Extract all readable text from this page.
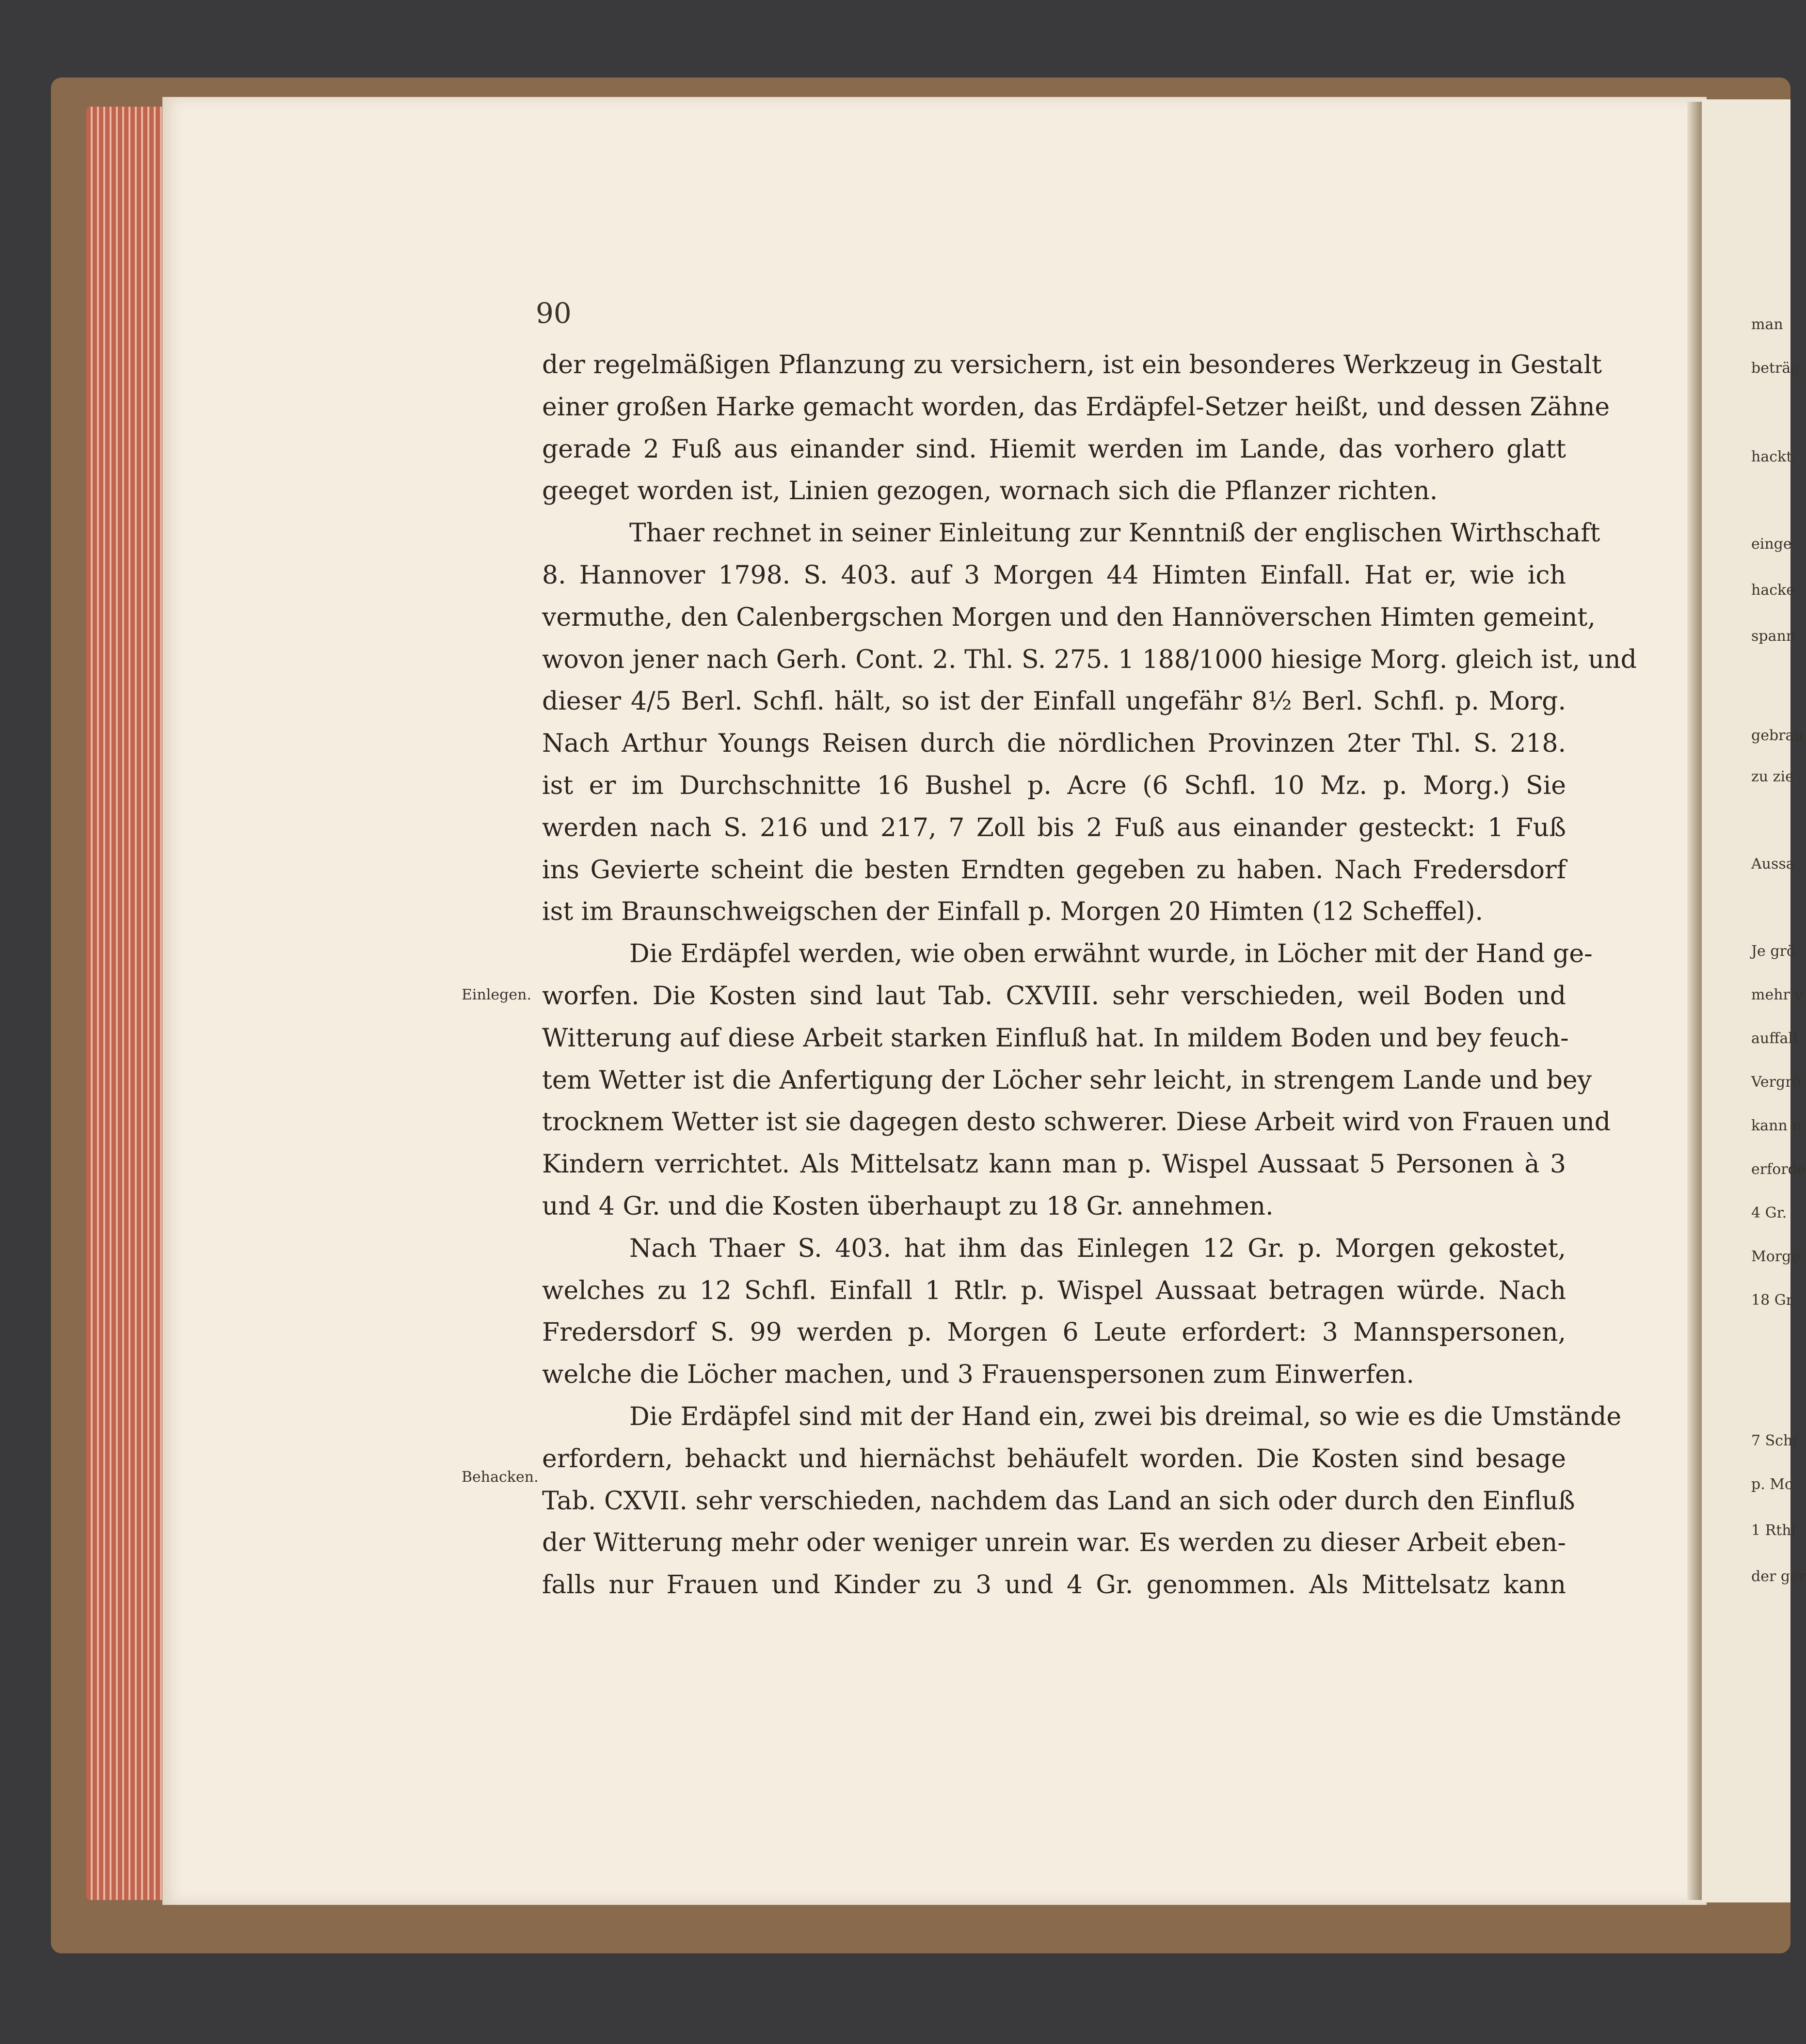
90
Einlegen.
Behacken.
der regelmäßigen Pflanzung zu versichern, ist ein besonderes Werkzeug in Gestalt
einer großen Harke gemacht worden, das Erdäpfel-Setzer heißt, und dessen Zähne
gerade 2 Fuß aus einander sind. Hiemit werden im Lande, das vorhero glatt
geeget worden ist, Linien gezogen, wornach sich die Pflanzer richten.
Thaer rechnet in seiner Einleitung zur Kenntniß der englischen Wirthschaft
8. Hannover 1798. S. 403. auf 3 Morgen 44 Himten Einfall. Hat er, wie ich
vermuthe, den Calenbergschen Morgen und den Hannöverschen Himten gemeint,
wovon jener nach Gerh. Cont. 2. Thl. S. 275. 1 188/1000 hiesige Morg. gleich ist, und
dieser 4/5 Berl. Schfl. hält, so ist der Einfall ungefähr 8½ Berl. Schfl. p. Morg.
Nach Arthur Youngs Reisen durch die nördlichen Provinzen 2ter Thl. S. 218.
ist er im Durchschnitte 16 Bushel p. Acre (6 Schfl. 10 Mz. p. Morg.) Sie
werden nach S. 216 und 217, 7 Zoll bis 2 Fuß aus einander gesteckt: 1 Fuß
ins Gevierte scheint die besten Erndten gegeben zu haben. Nach Fredersdorf
ist im Braunschweigschen der Einfall p. Morgen 20 Himten (12 Scheffel).
Die Erdäpfel werden, wie oben erwähnt wurde, in Löcher mit der Hand ge-
worfen. Die Kosten sind laut Tab. CXVIII. sehr verschieden, weil Boden und
Witterung auf diese Arbeit starken Einfluß hat. In mildem Boden und bey feuch-
tem Wetter ist die Anfertigung der Löcher sehr leicht, in strengem Lande und bey
trocknem Wetter ist sie dagegen desto schwerer. Diese Arbeit wird von Frauen und
Kindern verrichtet. Als Mittelsatz kann man p. Wispel Aussaat 5 Personen à 3
und 4 Gr. und die Kosten überhaupt zu 18 Gr. annehmen.
Nach Thaer S. 403. hat ihm das Einlegen 12 Gr. p. Morgen gekostet,
welches zu 12 Schfl. Einfall 1 Rtlr. p. Wispel Aussaat betragen würde. Nach
Fredersdorf S. 99 werden p. Morgen 6 Leute erfordert: 3 Mannspersonen,
welche die Löcher machen, und 3 Frauenspersonen zum Einwerfen.
Die Erdäpfel sind mit der Hand ein, zwei bis dreimal, so wie es die Umstände
erfordern, behackt und hiernächst behäufelt worden. Die Kosten sind besage
Tab. CXVII. sehr verschieden, nachdem das Land an sich oder durch den Einfluß
der Witterung mehr oder weniger unrein war. Es werden zu dieser Arbeit eben-
falls nur Frauen und Kinder zu 3 und 4 Gr. genommen. Als Mittelsatz kann
man
beträg
hackt,
einge
hacke
spann
gebrau
zu zie
Aussa
Je grö
mehr v
auffall
Vergrö
kann n
erforde
4 Gr.
Morge
18 Gr
7 Schf
p. Mo
1 Rthl
der ger
